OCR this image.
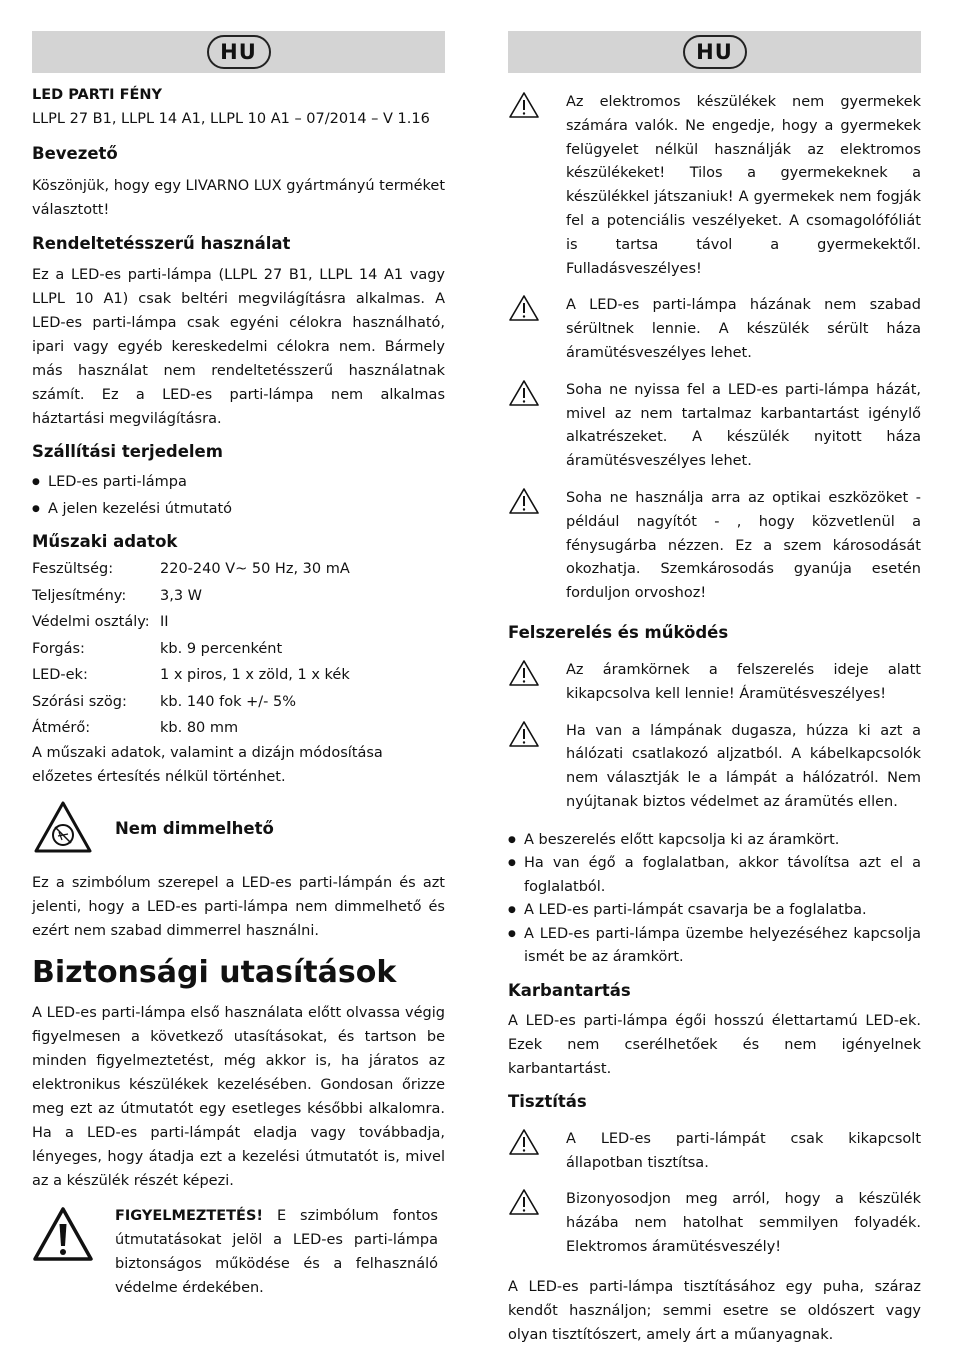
HU
LED PARTI FÉNY

LLPL 27 B1, LLPL 14 A1, LLPL 10 A1 – 07/2014 – V 1.16

Bevezető

Köszönjük, hogy egy LIVARNO LUX gyártmányú terméket választott!

Rendeltetésszerű használat

Ez a LED-es parti-lámpa (LLPL 27 B1, LLPL 14 A1 vagy LLPL 10 A1) csak beltéri megvilágításra alkalmas. A LED-es parti-lámpa csak egyéni célokra használható, ipari vagy egyéb kereskedelmi célokra nem. Bármely más használat nem rendeltetésszerű használatnak számít. Ez a LED-es parti-lámpa nem alkalmas háztartási megvilágításra.

Szállítási terjedelem
● LED-es parti-lámpa
● A jelen kezelési útmutató
Műszaki adatok
Feszültség:	220-240 V~ 50 Hz, 30 mA
Teljesítmény:	3,3 W
Védelmi osztály:	II
Forgás:	kb. 9 percenként
LED-ek:	1 x piros, 1 x zöld, 1 x kék
Szórási szög:	kb. 140 fok +/- 5%
Átmérő:	kb. 80 mm

A műszaki adatok, valamint a dizájn módosítása előzetes értesítés nélkül történhet.

Nem dimmelhető

Ez a szimbólum szerepel a LED-es parti-lámpán és azt jelenti, hogy a LED-es parti-lámpa nem dimmelhető és ezért nem szabad dimmerrel használni.

Biztonsági utasítások

A LED-es parti-lámpa első használata előtt olvassa végig figyelmesen a következő utasításokat, és tartson be minden figyelmeztetést, még akkor is, ha járatos az elektronikus készülékek kezelésében. Gondosan őrizze meg ezt az útmutatót egy esetleges későbbi alkalomra. Ha a LED-es parti-lámpát eladja vagy továbbadja, lényeges, hogy átadja ezt a kezelési útmutatót is, mivel az a készülék részét képezi.

FIGYELMEZTETÉS! E szimbólum fontos útmutatásokat jelöl a LED-es parti-lámpa biztonságos működése és a felhasználó védelme érdekében.

HU

Az elektromos készülékek nem gyermekek számára valók. Ne engedje, hogy a gyermekek felügyelet nélkül használják az elektromos készülékeket! Tilos a gyermekeknek a készülékkel játszaniuk! A gyermekek nem fogják fel a potenciális veszélyeket. A csomagolófóliát is tartsa távol a gyermekektől. Fulladásveszélyes!

A LED-es parti-lámpa házának nem szabad sérültnek lennie. A készülék sérült háza áramütésveszélyes lehet.

Soha ne nyissa fel a LED-es parti-lámpa házát, mivel az nem tartalmaz karbantartást igénylő alkatrészeket. A készülék nyitott háza áramütésveszélyes lehet.

Soha ne használja arra az optikai eszközöket - például nagyítót - , hogy közvetlenül a fénysugárba nézzen. Ez a szem károsodását okozhatja. Szemkárosodás gyanúja esetén forduljon orvoshoz!

Felszerelés és működés

Az áramkörnek a felszerelés ideje alatt kikapcsolva kell lennie! Áramütésveszélyes!

Ha van a lámpának dugasza, húzza ki azt a hálózati csatlakozó aljzatból. A kábelkapcsolók nem választják le a lámpát a hálózatról. Nem nyújtanak biztos védelmet az áramütés ellen.

● A beszerelés előtt kapcsolja ki az áramkört.
● Ha van égő a foglalatban, akkor távolítsa azt el a foglalatból.
● A LED-es parti-lámpát csavarja be a foglalatba.
● A LED-es parti-lámpa üzembe helyezéséhez kapcsolja ismét be az áramkört.
Karbantartás

A LED-es parti-lámpa égői hosszú élettartamú LED-ek. Ezek nem cserélhetőek és nem igényelnek karbantartást.

Tisztítás

A LED-es parti-lámpát csak kikapcsolt állapotban tisztítsa.

Bizonyosodjon meg arról, hogy a készülék házába nem hatolhat semmilyen folyadék. Elektromos áramütésveszély!

A LED-es parti-lámpa tisztításához egy puha, száraz kendőt használjon; semmi esetre se oldószert vagy olyan tisztítószert, amely árt a műanyagnak.
